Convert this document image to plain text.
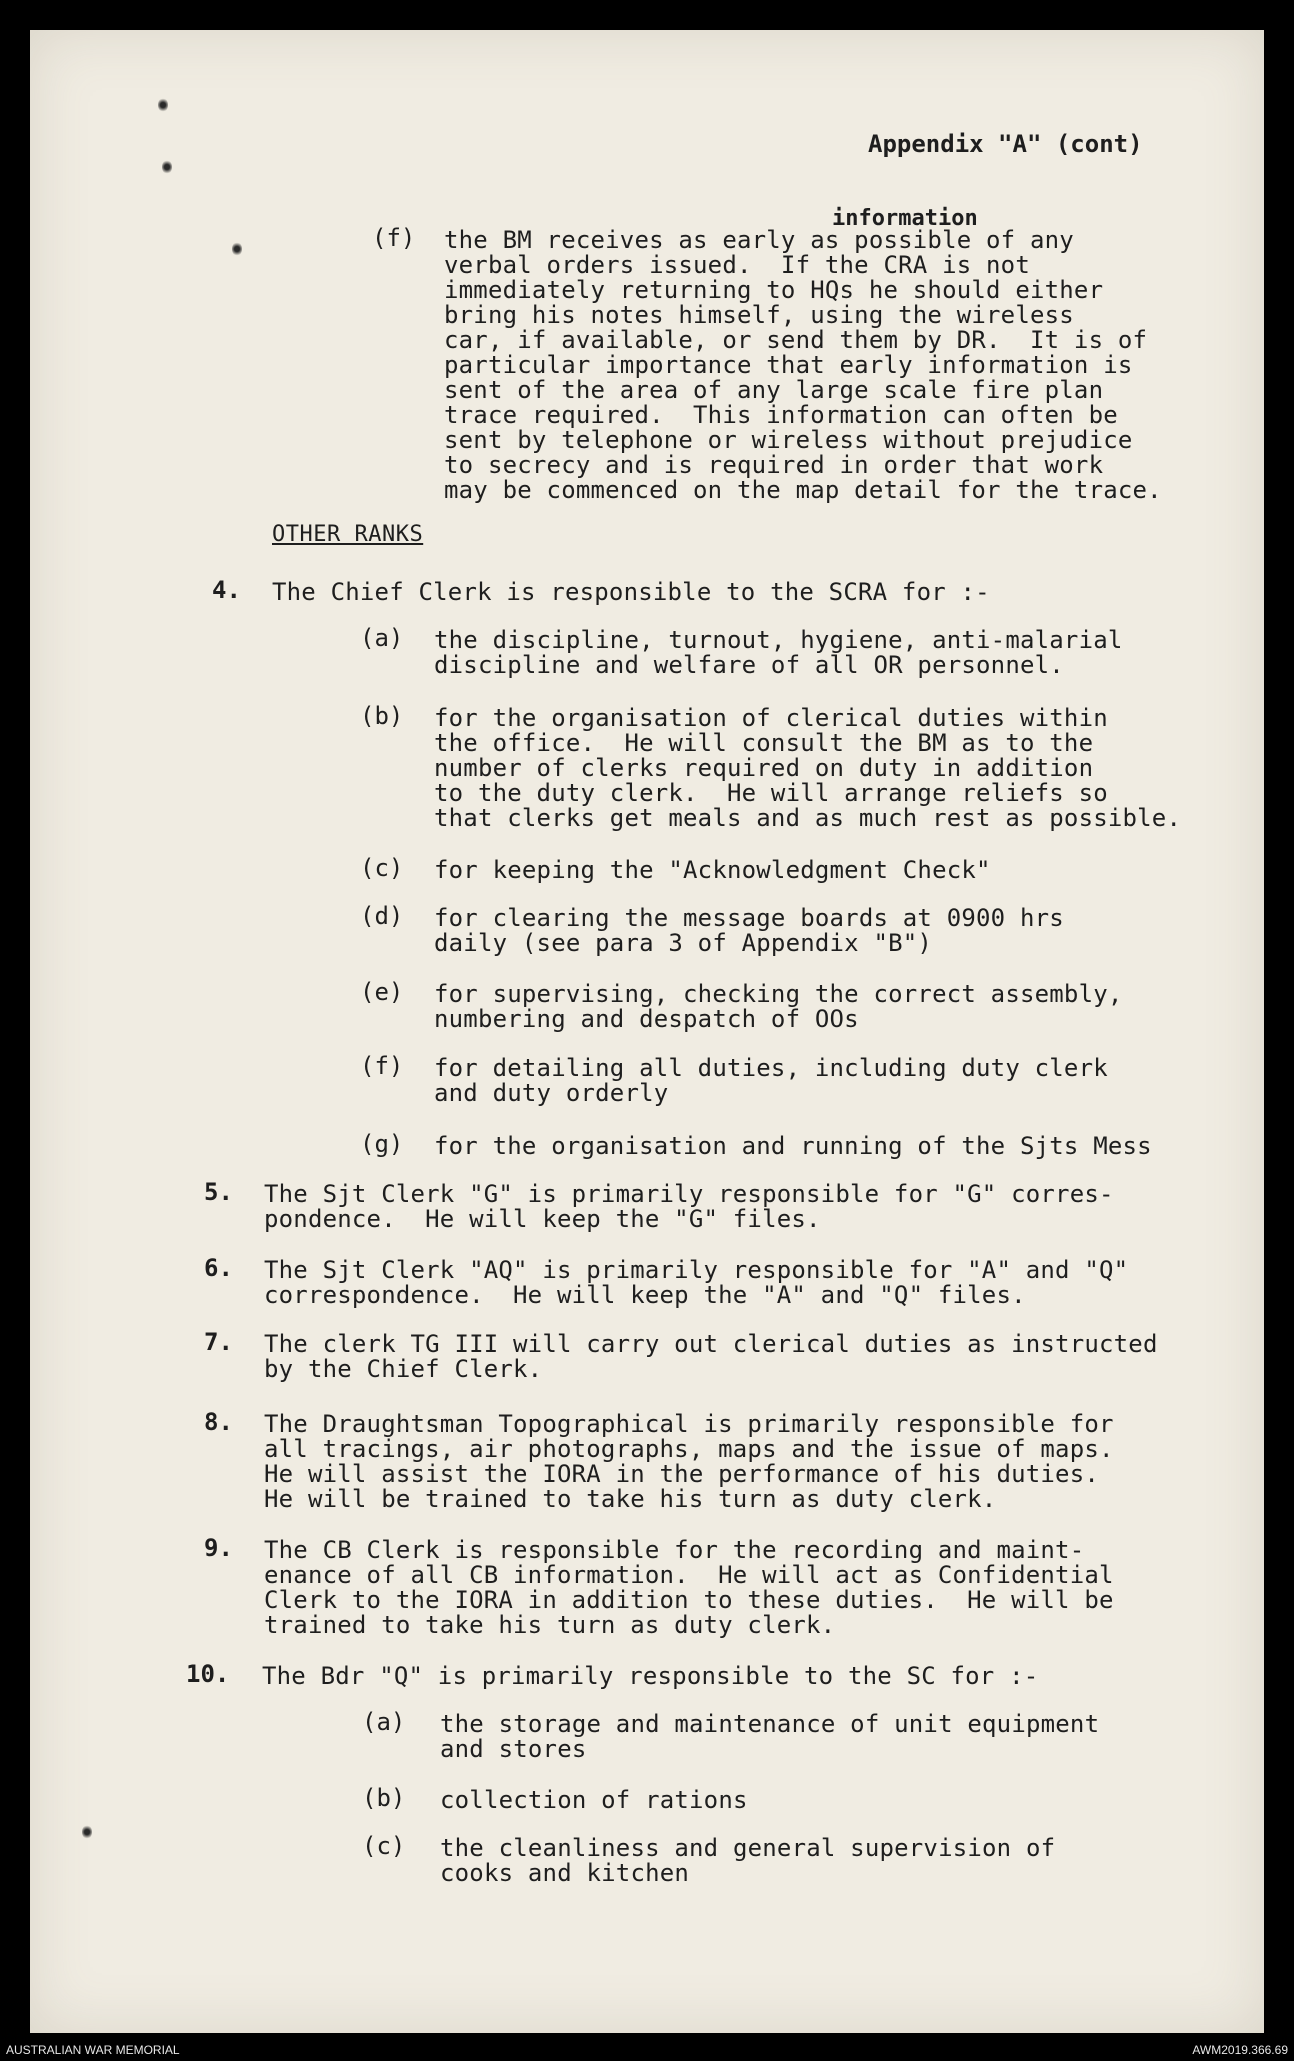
Appendix "A" (cont)
information
(f) the BM receives as early as possible of any
verbal orders issued.  If the CRA is not
immediately returning to HQs he should either
bring his notes himself, using the wireless
car, if available, or send them by DR.  It is of
particular importance that early information is
sent of the area of any large scale fire plan
trace required.  This information can often be
sent by telephone or wireless without prejudice
to secrecy and is required in order that work
may be commenced on the map detail for the trace.
OTHER RANKS
4. The Chief Clerk is responsible to the SCRA for :-
(a) the discipline, turnout, hygiene, anti-malarial
discipline and welfare of all OR personnel.
(b) for the organisation of clerical duties within
the office.  He will consult the BM as to the
number of clerks required on duty in addition
to the duty clerk.  He will arrange reliefs so
that clerks get meals and as much rest as possible.
(c) for keeping the "Acknowledgment Check"
(d) for clearing the message boards at 0900 hrs
daily (see para 3 of Appendix "B")
(e) for supervising, checking the correct assembly,
numbering and despatch of OOs
(f) for detailing all duties, including duty clerk
and duty orderly
(g) for the organisation and running of the Sjts Mess
5. The Sjt Clerk "G" is primarily responsible for "G" corres-
pondence.  He will keep the "G" files.
6. The Sjt Clerk "AQ" is primarily responsible for "A" and "Q"
correspondence.  He will keep the "A" and "Q" files.
7. The clerk TG III will carry out clerical duties as instructed
by the Chief Clerk.
8. The Draughtsman Topographical is primarily responsible for
all tracings, air photographs, maps and the issue of maps.
He will assist the IORA in the performance of his duties.
He will be trained to take his turn as duty clerk.
9. The CB Clerk is responsible for the recording and maint-
enance of all CB information.  He will act as Confidential
Clerk to the IORA in addition to these duties.  He will be
trained to take his turn as duty clerk.
10. The Bdr "Q" is primarily responsible to the SC for :-
(a) the storage and maintenance of unit equipment
and stores
(b) collection of rations
(c) the cleanliness and general supervision of
cooks and kitchen
AUSTRALIAN WAR MEMORIAL	AWM2019.366.69
